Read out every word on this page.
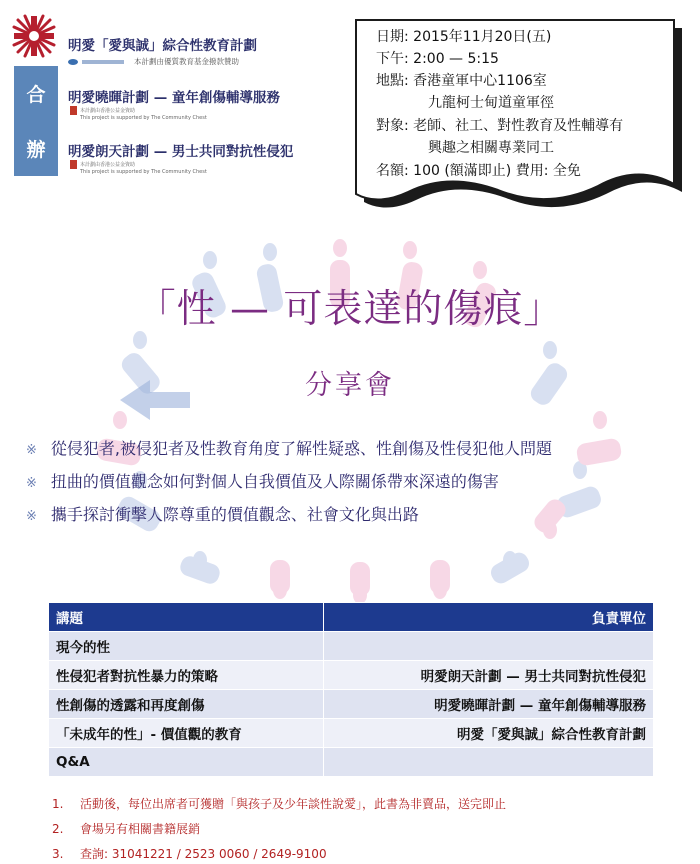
合
辦
明愛「愛與誠」綜合性教育計劃
本計劃由優質教育基金撥款贊助
明愛曉暉計劃 — 童年創傷輔導服務
本計劃由香港公益金資助
This project is supported by The Community Chest
明愛朗天計劃 — 男士共同對抗性侵犯
本計劃由香港公益金資助
This project is supported by The Community Chest
日期: 2015年11月20日(五)
下午: 2:00 — 5:15
地點: 香港童軍中心1106室
九龍柯士甸道童軍徑
對象: 老師、社工、對性教育及性輔導有
興趣之相關專業同工
名額: 100 (額滿即止) 費用: 全免
「性 — 可表達的傷痕」
分享會
※ 從侵犯者,被侵犯者及性教育角度了解性疑惑、性創傷及性侵犯他人問題
※ 扭曲的價值觀念如何對個人自我價值及人際關係帶來深遠的傷害
※ 攜手探討衝擊人際尊重的價值觀念、社會文化與出路
講題	負責單位
現今的性	
性侵犯者對抗性暴力的策略	明愛朗天計劃 — 男士共同對抗性侵犯
性創傷的透露和再度創傷	明愛曉暉計劃 — 童年創傷輔導服務
「未成年的性」- 價值觀的教育	明愛「愛與誠」綜合性教育計劃
Q&A	
1. 活動後，每位出席者可獲贈「與孩子及少年談性說愛」，此書為非賣品，送完即止
2. 會場另有相關書籍展銷
3. 查詢: 31041221 / 2523 0060 / 2649-9100
